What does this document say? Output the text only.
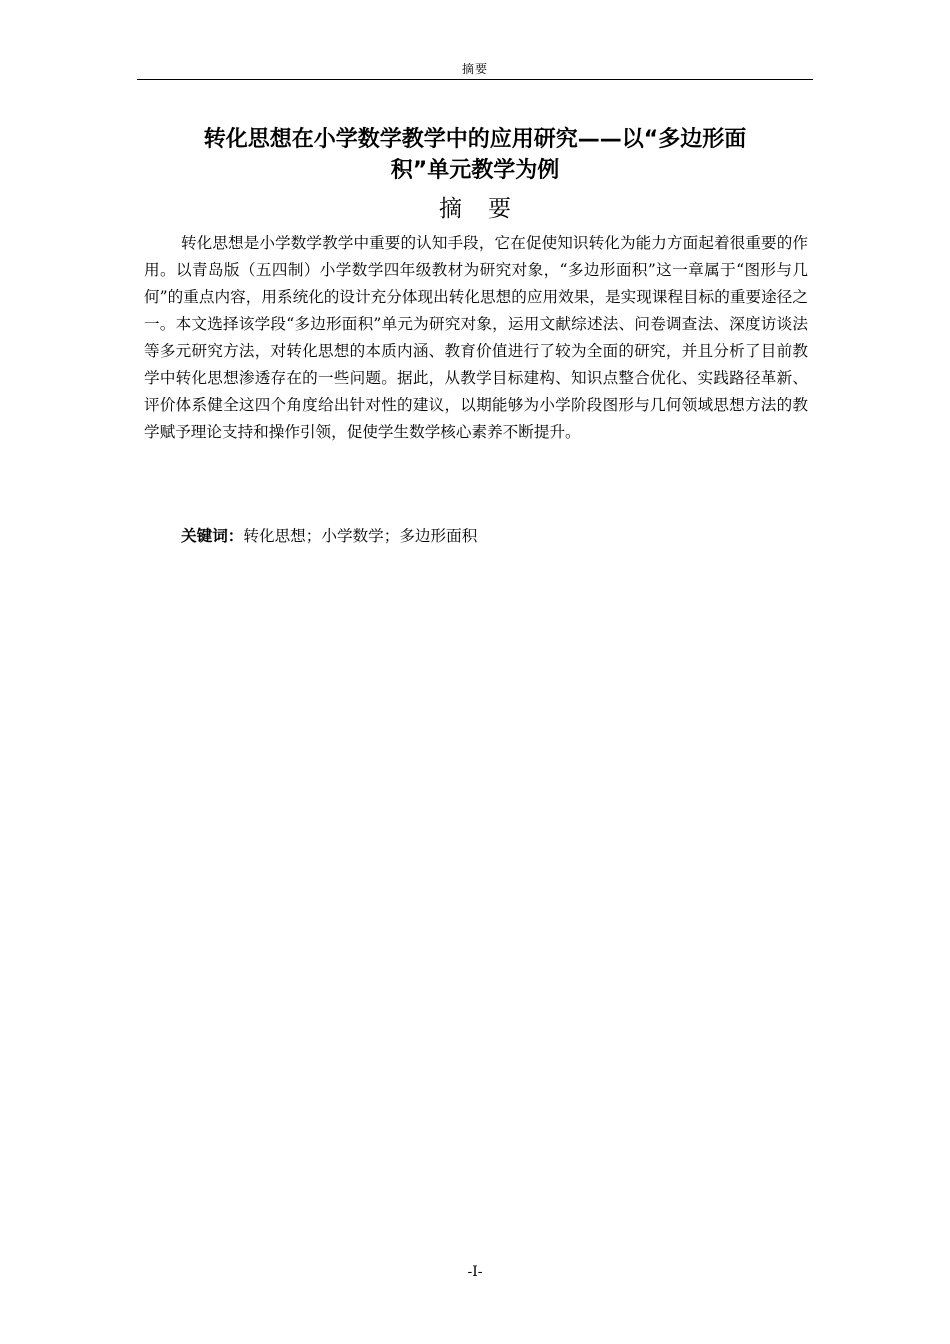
摘要
转化思想在小学数学教学中的应用研究——以“多边形面
积”单元教学为例
摘要

转化思想是小学数学教学中重要的认知手段，它在促使知识转化为能力方面起着很重要的作用。以青岛版（五四制）小学数学四年级教材为研究对象，“多边形面积”这一章属于“图形与几何”的重点内容，用系统化的设计充分体现出转化思想的应用效果，是实现课程目标的重要途径之一。本文选择该学段“多边形面积”单元为研究对象，运用文献综述法、问卷调查法、深度访谈法等多元研究方法，对转化思想的本质内涵、教育价值进行了较为全面的研究，并且分析了目前教学中转化思想渗透存在的一些问题。据此，从教学目标建构、知识点整合优化、实践路径革新、评价体系健全这四个角度给出针对性的建议，以期能够为小学阶段图形与几何领域思想方法的教学赋予理论支持和操作引领，促使学生数学核心素养不断提升。

关键词：转化思想；小学数学；多边形面积

-I-
